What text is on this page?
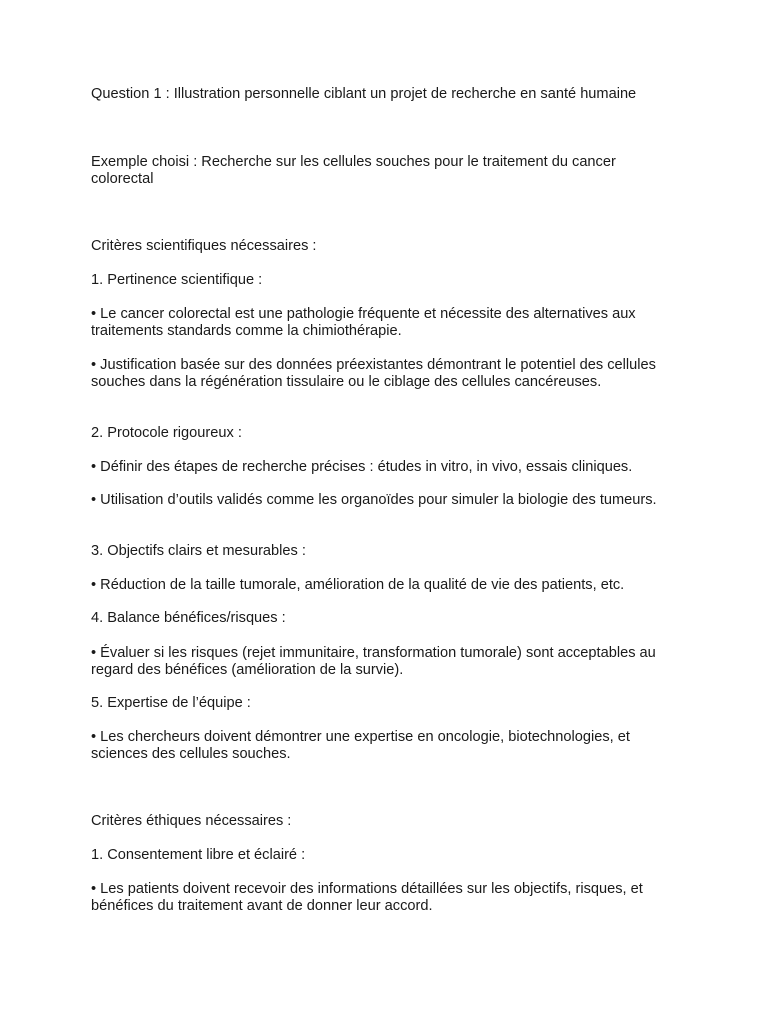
Question 1 : Illustration personnelle ciblant un projet de recherche en santé humaine

Exemple choisi : Recherche sur les cellules souches pour le traitement du cancer colorectal

Critères scientifiques nécessaires :

1. Pertinence scientifique :

• Le cancer colorectal est une pathologie fréquente et nécessite des alternatives aux traitements standards comme la chimiothérapie.

• Justification basée sur des données préexistantes démontrant le potentiel des cellules souches dans la régénération tissulaire ou le ciblage des cellules cancéreuses.

2. Protocole rigoureux :

• Définir des étapes de recherche précises : études in vitro, in vivo, essais cliniques.

• Utilisation d’outils validés comme les organoïdes pour simuler la biologie des tumeurs.

3. Objectifs clairs et mesurables :

• Réduction de la taille tumorale, amélioration de la qualité de vie des patients, etc.

4. Balance bénéfices/risques :

• Évaluer si les risques (rejet immunitaire, transformation tumorale) sont acceptables au regard des bénéfices (amélioration de la survie).

5. Expertise de l’équipe :

• Les chercheurs doivent démontrer une expertise en oncologie, biotechnologies, et sciences des cellules souches.

Critères éthiques nécessaires :

1. Consentement libre et éclairé :

• Les patients doivent recevoir des informations détaillées sur les objectifs, risques, et bénéfices du traitement avant de donner leur accord.
